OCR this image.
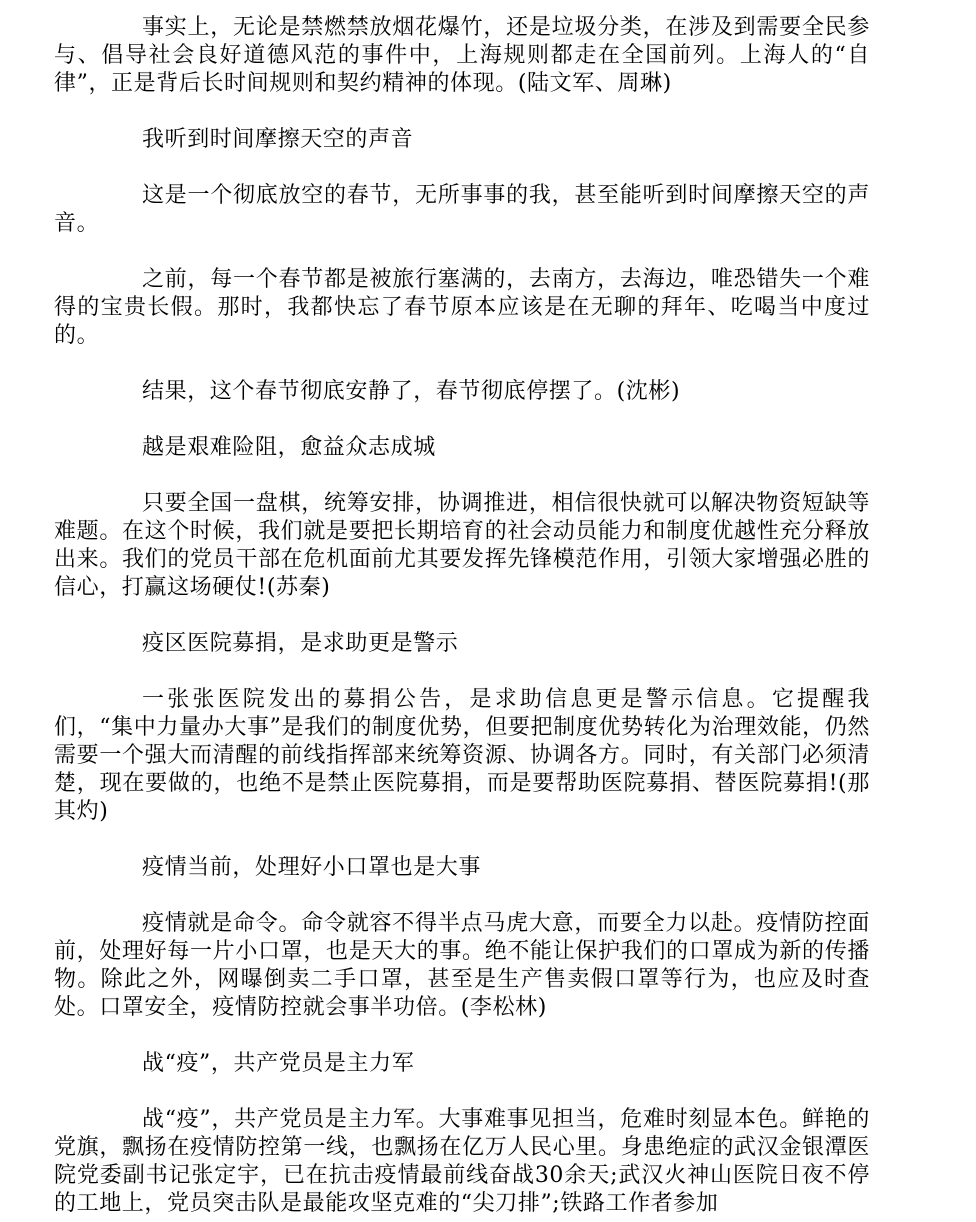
事实上，无论是禁燃禁放烟花爆竹，还是垃圾分类，在涉及到需要全民参与、倡导社会良好道德风范的事件中，上海规则都走在全国前列。上海人的“自律”，正是背后长时间规则和契约精神的体现。(陆文军、周琳)

我听到时间摩擦天空的声音

这是一个彻底放空的春节，无所事事的我，甚至能听到时间摩擦天空的声音。

之前，每一个春节都是被旅行塞满的，去南方，去海边，唯恐错失一个难得的宝贵长假。那时，我都快忘了春节原本应该是在无聊的拜年、吃喝当中度过的。

结果，这个春节彻底安静了，春节彻底停摆了。(沈彬)

越是艰难险阻，愈益众志成城

只要全国一盘棋，统筹安排，协调推进，相信很快就可以解决物资短缺等难题。在这个时候，我们就是要把长期培育的社会动员能力和制度优越性充分释放出来。我们的党员干部在危机面前尤其要发挥先锋模范作用，引领大家增强必胜的信心，打赢这场硬仗!(苏秦)

疫区医院募捐，是求助更是警示

一张张医院发出的募捐公告，是求助信息更是警示信息。它提醒我们，“集中力量办大事”是我们的制度优势，但要把制度优势转化为治理效能，仍然需要一个强大而清醒的前线指挥部来统筹资源、协调各方。同时，有关部门必须清楚，现在要做的，也绝不是禁止医院募捐，而是要帮助医院募捐、替医院募捐!(那其灼)

疫情当前，处理好小口罩也是大事

疫情就是命令。命令就容不得半点马虎大意，而要全力以赴。疫情防控面前，处理好每一片小口罩，也是天大的事。绝不能让保护我们的口罩成为新的传播物。除此之外，网曝倒卖二手口罩，甚至是生产售卖假口罩等行为，也应及时查处。口罩安全，疫情防控就会事半功倍。(李松林)

战“疫”，共产党员是主力军

战“疫”，共产党员是主力军。大事难事见担当，危难时刻显本色。鲜艳的党旗，飘扬在疫情防控第一线，也飘扬在亿万人民心里。身患绝症的武汉金银潭医院党委副书记张定宇，已在抗击疫情最前线奋战30余天;武汉火神山医院日夜不停的工地上，党员突击队是最能攻坚克难的“尖刀排”;铁路工作者参加
